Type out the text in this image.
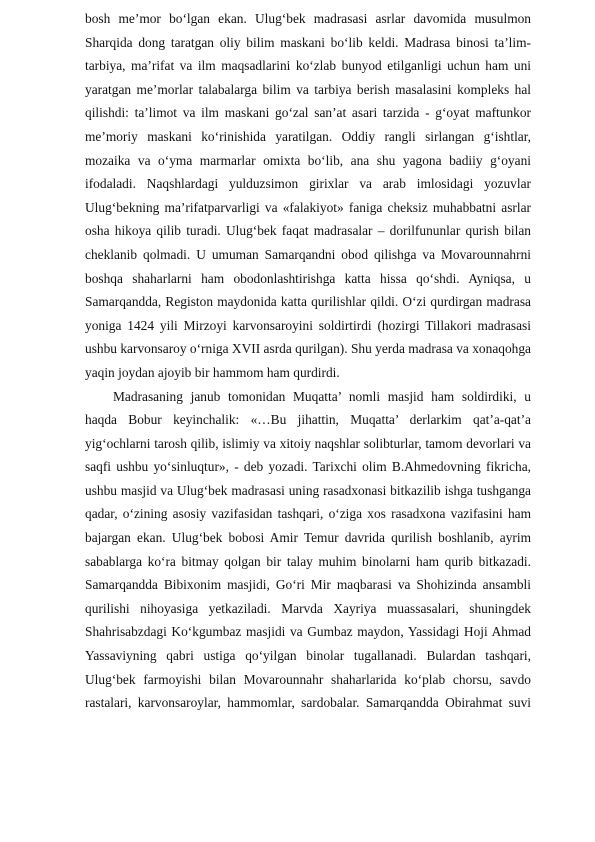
bosh me’mor bo‘lgan ekan. Ulug‘bek madrasasi asrlar davomida musulmon
Sharqida dong taratgan oliy bilim maskani bo‘lib keldi. Madrasa binosi ta’lim-
tarbiya, ma’rifat va ilm maqsadlarini ko‘zlab bunyod etilganligi uchun ham uni
yaratgan me’morlar talabalarga bilim va tarbiya berish masalasini kompleks hal
qilishdi: ta’limot va ilm maskani go‘zal san’at asari tarzida - g‘oyat maftunkor
me’moriy maskani ko‘rinishida yaratilgan. Oddiy rangli sirlangan g‘ishtlar,
mozaika va o‘yma marmarlar omixta bo‘lib, ana shu yagona badiiy g‘oyani
ifodaladi. Naqshlardagi yulduzsimon girixlar va arab imlosidagi yozuvlar
Ulug‘bekning ma’rifatparvarligi va «falakiyot» faniga cheksiz muhabbatni asrlar
osha hikoya qilib turadi. Ulug‘bek faqat madrasalar – dorilfununlar qurish bilan
cheklanib qolmadi. U umuman Samarqandni obod qilishga va Movarounnahrni
boshqa shaharlarni ham obodonlashtirishga katta hissa qo‘shdi. Ayniqsa, u
Samarqandda, Registon maydonida katta qurilishlar qildi. O‘zi qurdirgan madrasa
yoniga 1424 yili Mirzoyi karvonsaroyini soldirtirdi (hozirgi Tillakori madrasasi
ushbu karvonsaroy o‘rniga XVII asrda qurilgan). Shu yerda madrasa va xonaqohga
yaqin joydan ajoyib bir hammom ham qurdirdi.

Madrasaning janub tomonidan Muqatta’ nomli masjid ham soldirdiki, u
haqda Bobur keyinchalik: «…Bu jihattin, Muqatta’ derlarkim qat’a-qat’a
yig‘ochlarni tarosh qilib, islimiy va xitoiy naqshlar solibturlar, tamom devorlari va
saqfi ushbu yo‘sinluqtur», - deb yozadi. Tarixchi olim B.Ahmedovning fikricha,
ushbu masjid va Ulug‘bek madrasasi uning rasadxonasi bitkazilib ishga tushganga
qadar, o‘zining asosiy vazifasidan tashqari, o‘ziga xos rasadxona vazifasini ham
bajargan ekan. Ulug‘bek bobosi Amir Temur davrida qurilish boshlanib, ayrim
sabablarga ko‘ra bitmay qolgan bir talay muhim binolarni ham qurib bitkazadi.
Samarqandda Bibixonim masjidi, Go‘ri Mir maqbarasi va Shohizinda ansambli
qurilishi nihoyasiga yetkaziladi. Marvda Xayriya muassasalari, shuningdek
Shahrisabzdagi Ko‘kgumbaz masjidi va Gumbaz maydon, Yassidagi Hoji Ahmad
Yassaviyning qabri ustiga qo‘yilgan binolar tugallanadi. Bulardan tashqari,
Ulug‘bek farmoyishi bilan Movarounnahr shaharlarida ko‘plab chorsu, savdo
rastalari, karvonsaroylar, hammomlar, sardobalar. Samarqandda Obirahmat suvi
